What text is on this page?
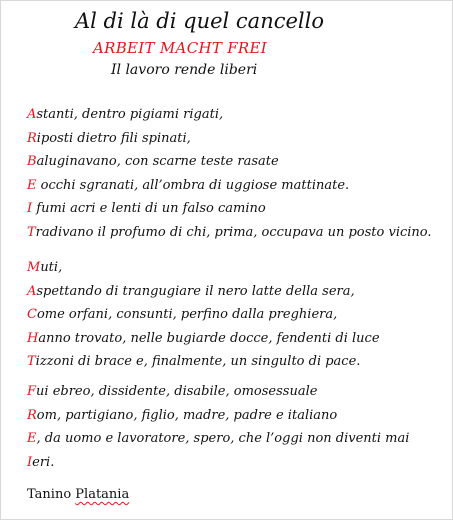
Al di là di quel cancello
ARBEIT MACHT FREI
Il lavoro rende liberi
Astanti, dentro pigiami rigati,
Riposti dietro fili spinati,
Baluginavano, con scarne teste rasate
E occhi sgranati, all’ombra di uggiose mattinate.
I fumi acri e lenti di un falso camino
Tradivano il profumo di chi, prima, occupava un posto vicino.
Muti,
Aspettando di trangugiare il nero latte della sera,
Come orfani, consunti, perfino dalla preghiera,
Hanno trovato, nelle bugiarde docce, fendenti di luce
Tizzoni di brace e, finalmente, un singulto di pace.
Fui ebreo, dissidente, disabile, omosessuale
Rom, partigiano, figlio, madre, padre e italiano
E, da uomo e lavoratore, spero, che l’oggi non diventi mai
Ieri.
Tanino Platania
